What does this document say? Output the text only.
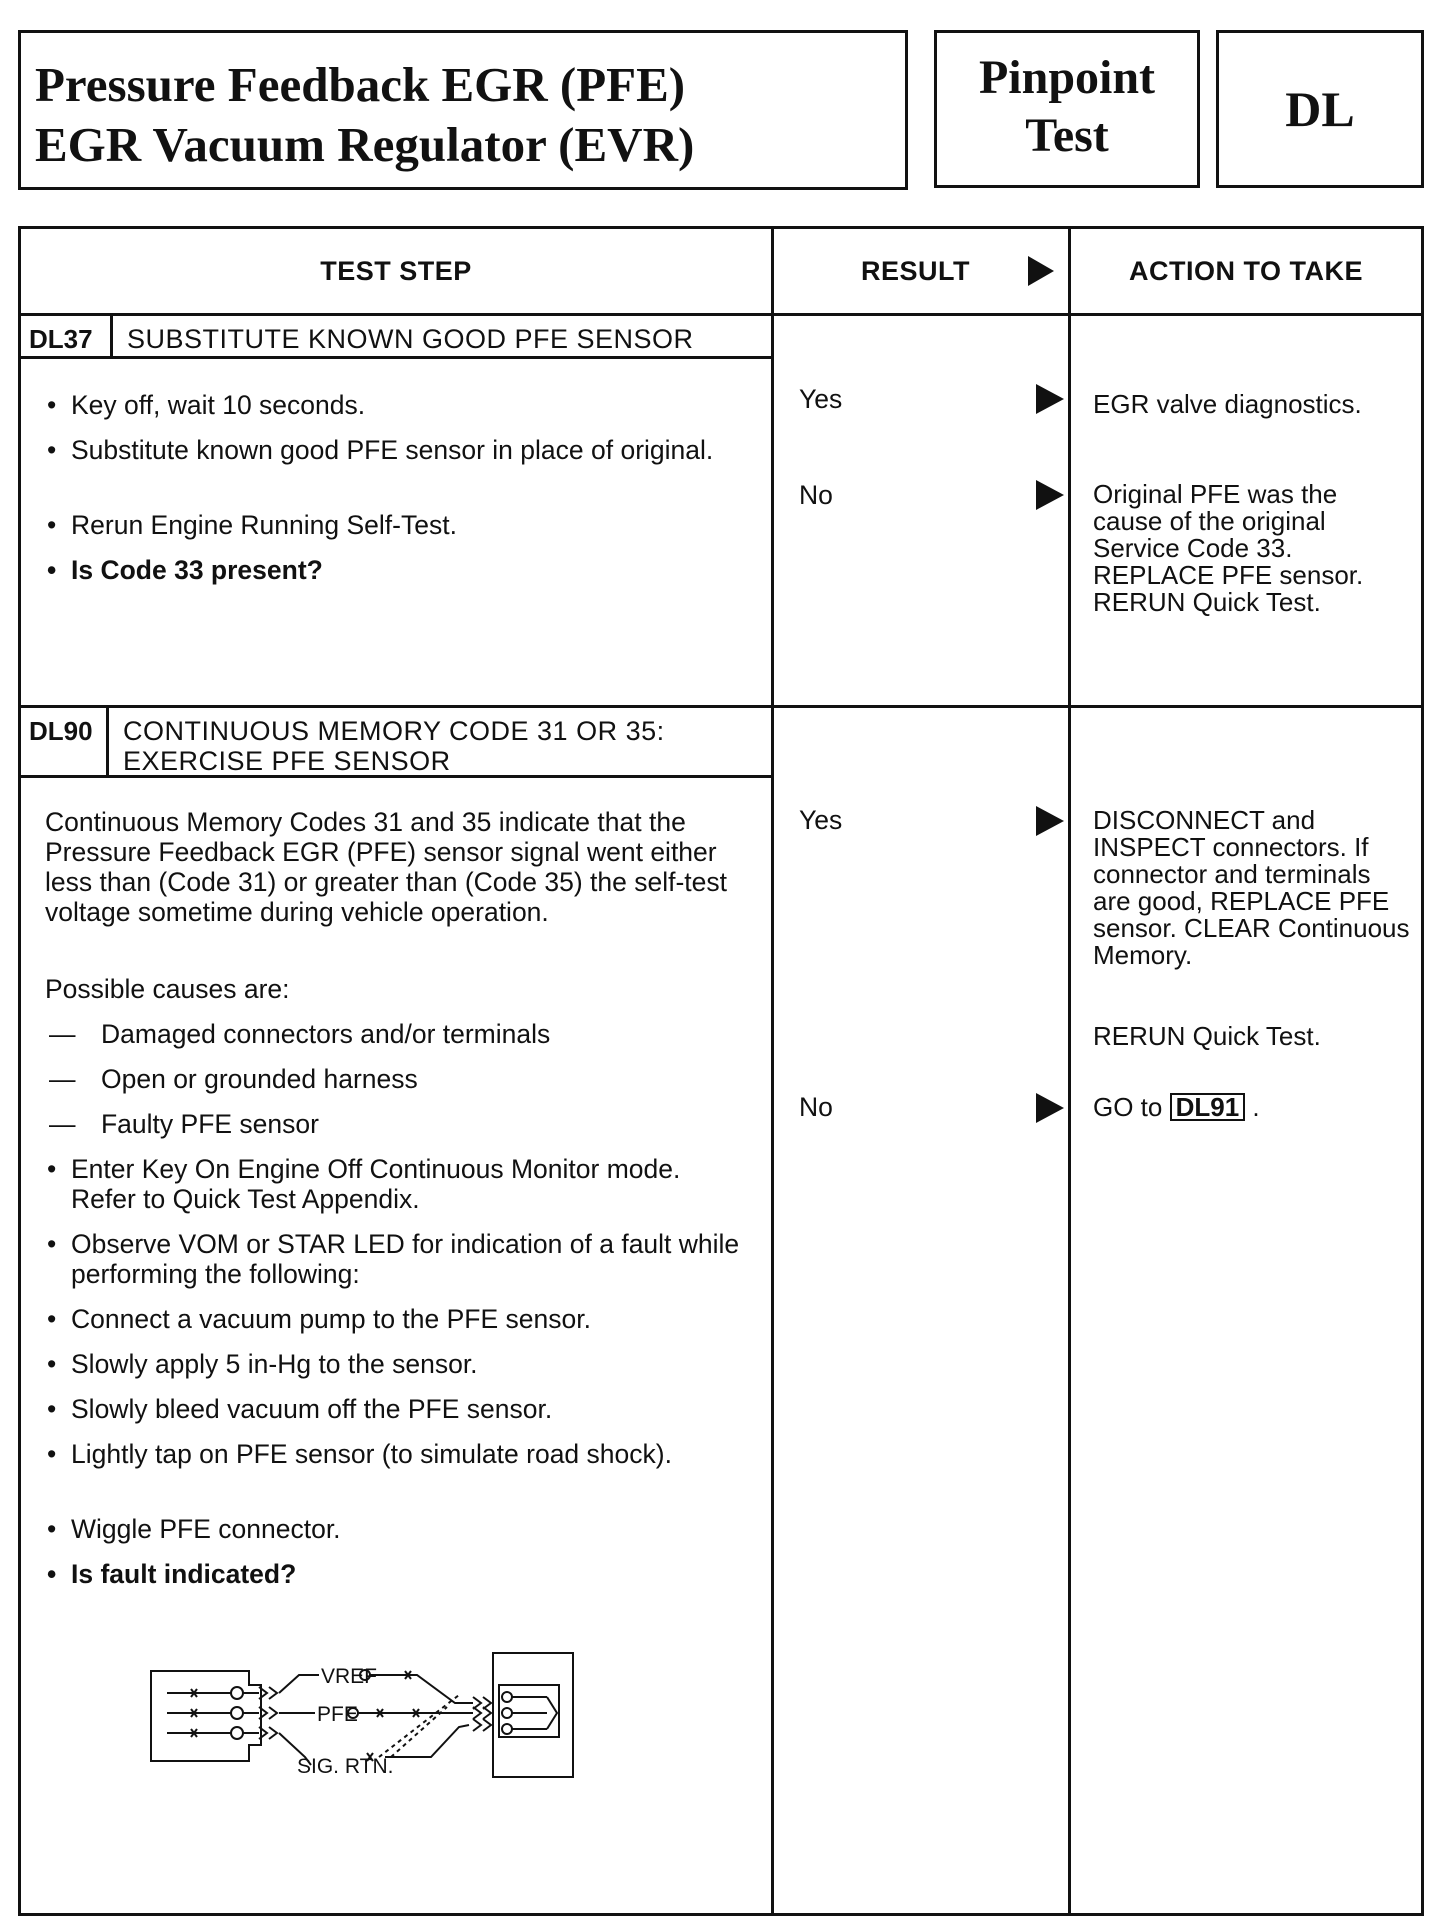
Pressure Feedback EGR (PFE)
EGR Vacuum Regulator (EVR)
Pinpoint
Test	DL
TEST STEP	RESULT	ACTION TO TAKE
DL37	SUBSTITUTE KNOWN GOOD PFE SENSOR
• Key off, wait 10 seconds.
• Substitute known good PFE sensor in place of original.
• Rerun Engine Running Self-Test.
• Is Code 33 present?
Yes	EGR valve diagnostics.
No	Original PFE was the cause of the original Service Code 33. REPLACE PFE sensor. RERUN Quick Test.
DL90	CONTINUOUS MEMORY CODE 31 OR 35:
EXERCISE PFE SENSOR
Continuous Memory Codes 31 and 35 indicate that the Pressure Feedback EGR (PFE) sensor signal went either less than (Code 31) or greater than (Code 35) the self-test voltage sometime during vehicle operation.
Possible causes are:
— Damaged connectors and/or terminals
— Open or grounded harness
— Faulty PFE sensor
• Enter Key On Engine Off Continuous Monitor mode. Refer to Quick Test Appendix.
• Observe VOM or STAR LED for indication of a fault while performing the following:
• Connect a vacuum pump to the PFE sensor.
• Slowly apply 5 in-Hg to the sensor.
• Slowly bleed vacuum off the PFE sensor.
• Lightly tap on PFE sensor (to simulate road shock).
• Wiggle PFE connector.
• Is fault indicated?
VREF
PFE
SIG. RTN.
Yes	DISCONNECT and INSPECT connectors. If connector and terminals are good, REPLACE PFE sensor. CLEAR Continuous Memory.
RERUN Quick Test.
No	GO to DL91 .
